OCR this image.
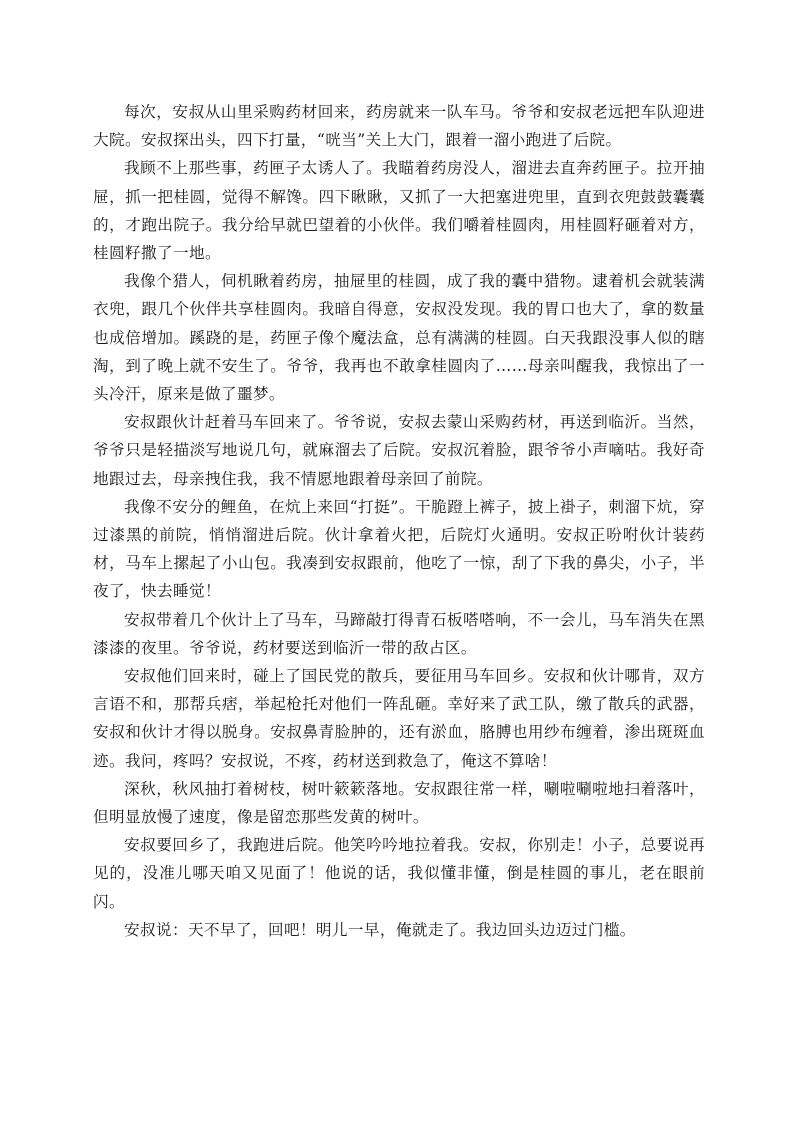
每次，安叔从山里采购药材回来，药房就来一队车马。爷爷和安叔老远把车队迎进大院。安叔探出头，四下打量，“咣当”关上大门，跟着一溜小跑进了后院。

我顾不上那些事，药匣子太诱人了。我瞄着药房没人，溜进去直奔药匣子。拉开抽屉，抓一把桂圆，觉得不解馋。四下瞅瞅，又抓了一大把塞进兜里，直到衣兜鼓鼓囊囊的，才跑出院子。我分给早就巴望着的小伙伴。我们嚼着桂圆肉，用桂圆籽砸着对方，桂圆籽撒了一地。

我像个猎人，伺机瞅着药房，抽屉里的桂圆，成了我的囊中猎物。逮着机会就装满衣兜，跟几个伙伴共享桂圆肉。我暗自得意，安叔没发现。我的胃口也大了，拿的数量也成倍增加。蹊跷的是，药匣子像个魔法盒，总有满满的桂圆。白天我跟没事人似的瞎淘，到了晚上就不安生了。爷爷，我再也不敢拿桂圆肉了……母亲叫醒我，我惊出了一头冷汗，原来是做了噩梦。

安叔跟伙计赶着马车回来了。爷爷说，安叔去蒙山采购药材，再送到临沂。当然，爷爷只是轻描淡写地说几句，就麻溜去了后院。安叔沉着脸，跟爷爷小声嘀咕。我好奇地跟过去，母亲拽住我，我不情愿地跟着母亲回了前院。

我像不安分的鲤鱼，在炕上来回“打挺”。干脆蹬上裤子，披上褂子，刺溜下炕，穿过漆黑的前院，悄悄溜进后院。伙计拿着火把，后院灯火通明。安叔正吩咐伙计装药材，马车上摞起了小山包。我凑到安叔跟前，他吃了一惊，刮了下我的鼻尖，小子，半夜了，快去睡觉！

安叔带着几个伙计上了马车，马蹄敲打得青石板嗒嗒响，不一会儿，马车消失在黑漆漆的夜里。爷爷说，药材要送到临沂一带的敌占区。

安叔他们回来时，碰上了国民党的散兵，要征用马车回乡。安叔和伙计哪肯，双方言语不和，那帮兵痞，举起枪托对他们一阵乱砸。幸好来了武工队，缴了散兵的武器，安叔和伙计才得以脱身。安叔鼻青脸肿的，还有淤血，胳膊也用纱布缠着，渗出斑斑血迹。我问，疼吗？安叔说，不疼，药材送到救急了，俺这不算啥！

深秋，秋风抽打着树枝，树叶簌簌落地。安叔跟往常一样，唰啦唰啦地扫着落叶，但明显放慢了速度，像是留恋那些发黄的树叶。

安叔要回乡了，我跑进后院。他笑吟吟地拉着我。安叔，你别走！小子，总要说再见的，没准儿哪天咱又见面了！他说的话，我似懂非懂，倒是桂圆的事儿，老在眼前闪。

安叔说：天不早了，回吧！明儿一早，俺就走了。我边回头边迈过门槛。
